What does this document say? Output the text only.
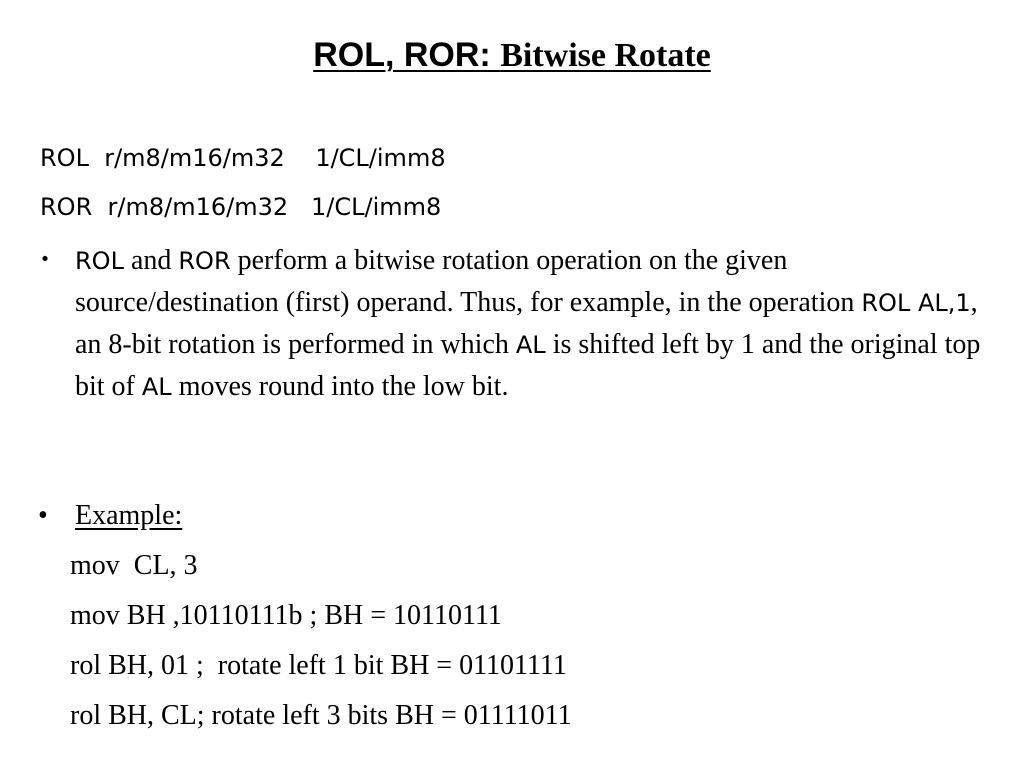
ROL, ROR: Bitwise Rotate
ROL  r/m8/m16/m32    1/CL/imm8
ROR  r/m8/m16/m32   1/CL/imm8
･ ROL and ROR perform a bitwise rotation operation on the given source/destination (first) operand. Thus, for example, in the operation ROL AL,1, an 8-bit rotation is performed in which AL is shifted left by 1 and the original top bit of AL moves round into the low bit.
• Example:
mov  CL, 3
mov BH ,10110111b ; BH = 10110111
rol BH, 01 ;  rotate left 1 bit BH = 01101111
rol BH, CL; rotate left 3 bits BH = 01111011
